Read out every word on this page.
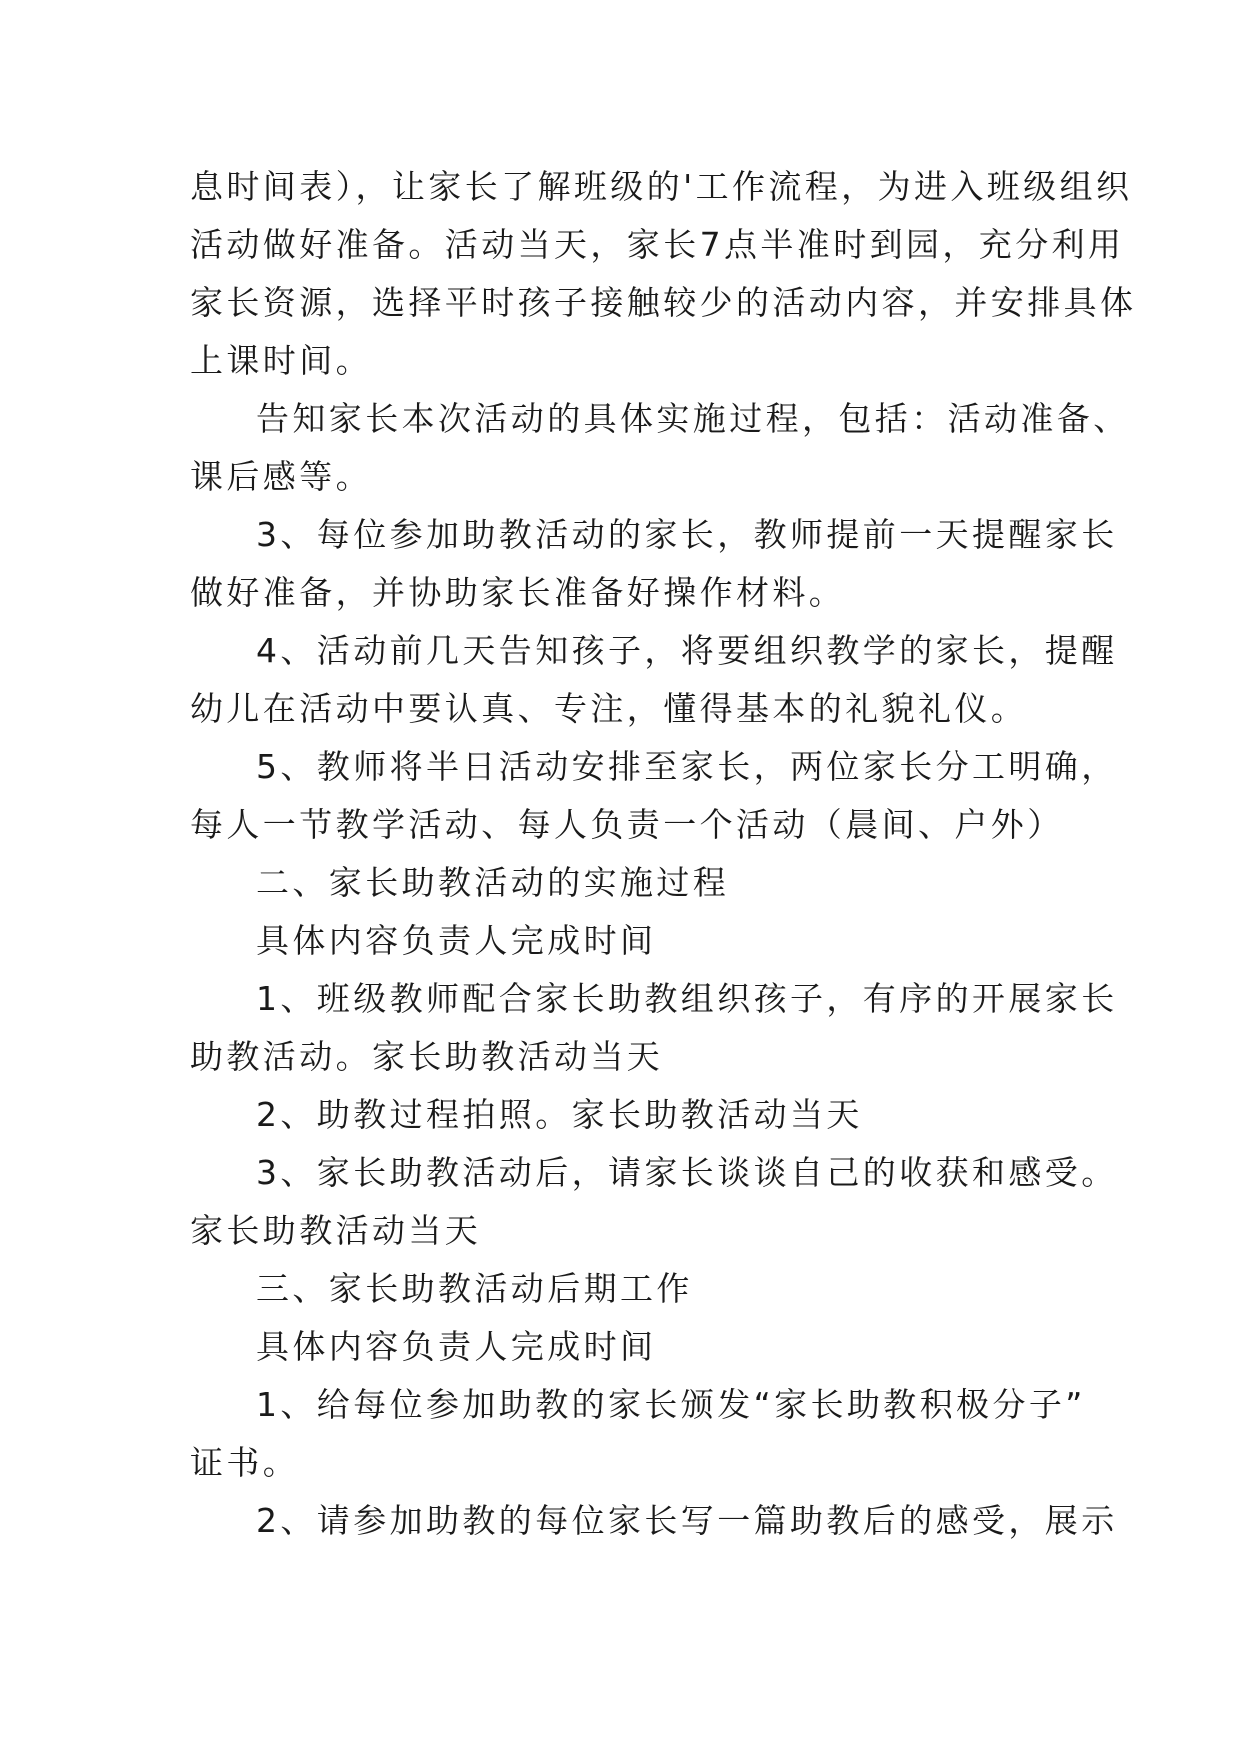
息时间表），让家长了解班级的'工作流程，为进入班级组织
活动做好准备。活动当天，家长7点半准时到园，充分利用
家长资源，选择平时孩子接触较少的活动内容，并安排具体
上课时间。
告知家长本次活动的具体实施过程，包括：活动准备、
课后感等。
3、每位参加助教活动的家长，教师提前一天提醒家长
做好准备，并协助家长准备好操作材料。
4、活动前几天告知孩子，将要组织教学的家长，提醒
幼儿在活动中要认真、专注，懂得基本的礼貌礼仪。
5、教师将半日活动安排至家长，两位家长分工明确，
每人一节教学活动、每人负责一个活动（晨间、户外）
二、家长助教活动的实施过程
具体内容负责人完成时间
1、班级教师配合家长助教组织孩子，有序的开展家长
助教活动。家长助教活动当天
2、助教过程拍照。家长助教活动当天
3、家长助教活动后，请家长谈谈自己的收获和感受。
家长助教活动当天
三、家长助教活动后期工作
具体内容负责人完成时间
1、给每位参加助教的家长颁发“家长助教积极分子”
证书。
2、请参加助教的每位家长写一篇助教后的感受，展示
